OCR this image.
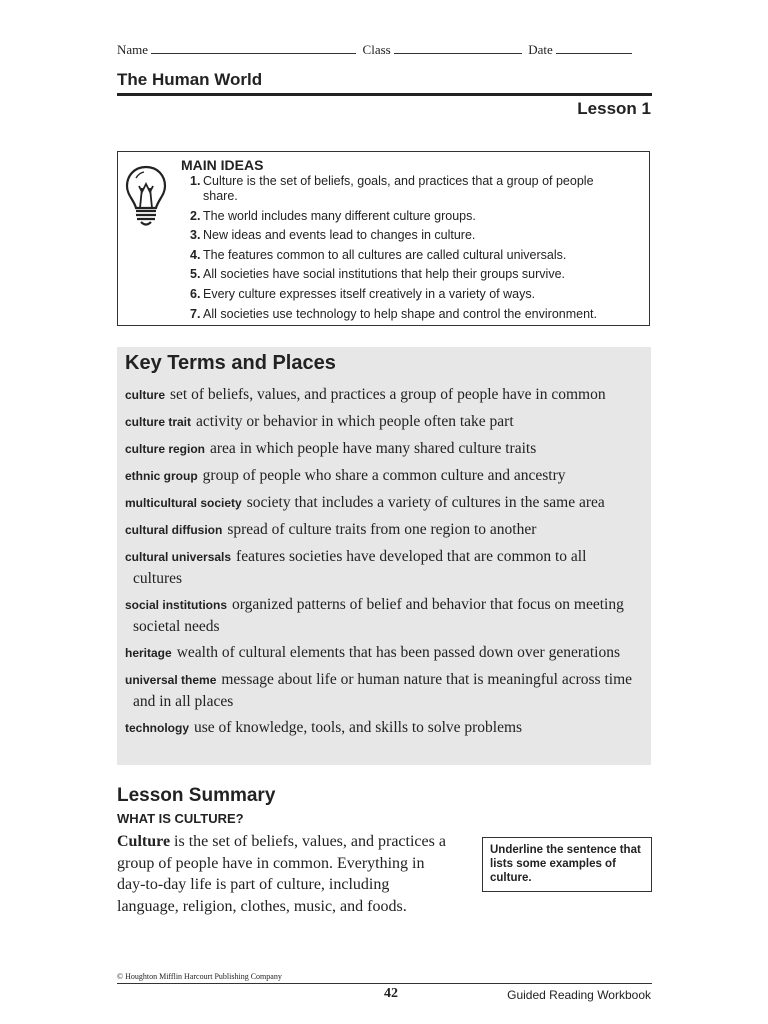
Name	Class	Date
The Human World
Lesson 1
MAIN IDEAS
1. Culture is the set of beliefs, goals, and practices that a group of people share.
2. The world includes many different culture groups.
3. New ideas and events lead to changes in culture.
4. The features common to all cultures are called cultural universals.
5. All societies have social institutions that help their groups survive.
6. Every culture expresses itself creatively in a variety of ways.
7. All societies use technology to help shape and control the environment.
Key Terms and Places
culture set of beliefs, values, and practices a group of people have in common
culture trait activity or behavior in which people often take part
culture region area in which people have many shared culture traits
ethnic group group of people who share a common culture and ancestry
multicultural society society that includes a variety of cultures in the same area
cultural diffusion spread of culture traits from one region to another
cultural universals features societies have developed that are common to all cultures
social institutions organized patterns of belief and behavior that focus on meeting societal needs
heritage wealth of cultural elements that has been passed down over generations
universal theme message about life or human nature that is meaningful across time and in all places
technology use of knowledge, tools, and skills to solve problems
Lesson Summary
WHAT IS CULTURE?
Culture is the set of beliefs, values, and practices a group of people have in common. Everything in day-to-day life is part of culture, including language, religion, clothes, music, and foods.
Underline the sentence that lists some examples of culture.
© Houghton Mifflin Harcourt Publishing Company
42	Guided Reading Workbook
